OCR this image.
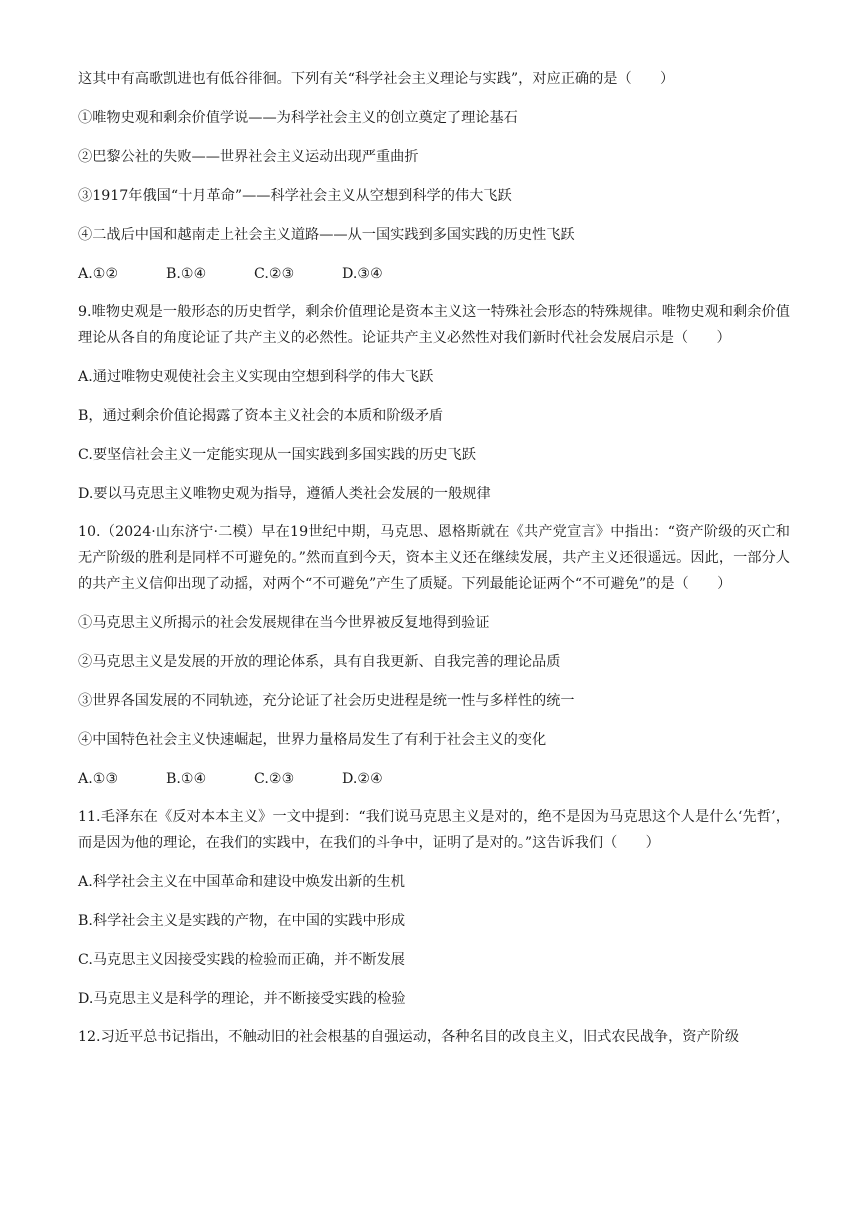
这其中有高歌凯进也有低谷徘徊。下列有关“科学社会主义理论与实践”，对应正确的是（　　）

①唯物史观和剩余价值学说——为科学社会主义的创立奠定了理论基石

②巴黎公社的失败——世界社会主义运动出现严重曲折

③1917年俄国“十月革命”——科学社会主义从空想到科学的伟大飞跃

④二战后中国和越南走上社会主义道路——从一国实践到多国实践的历史性飞跃

A.①②	B.①④	C.②③	D.③④

9.唯物史观是一般形态的历史哲学，剩余价值理论是资本主义这一特殊社会形态的特殊规律。唯物史观和剩余价值理论从各自的角度论证了共产主义的必然性。论证共产主义必然性对我们新时代社会发展启示是（　　）

A.通过唯物史观使社会主义实现由空想到科学的伟大飞跃

B，通过剩余价值论揭露了资本主义社会的本质和阶级矛盾

C.要坚信社会主义一定能实现从一国实践到多国实践的历史飞跃

D.要以马克思主义唯物史观为指导，遵循人类社会发展的一般规律

10.（2024·山东济宁·二模）早在19世纪中期，马克思、恩格斯就在《共产党宣言》中指出：“资产阶级的灭亡和无产阶级的胜利是同样不可避免的。”然而直到今天，资本主义还在继续发展，共产主义还很遥远。因此，一部分人的共产主义信仰出现了动摇，对两个“不可避免”产生了质疑。下列最能论证两个“不可避免”的是（　　）

①马克思主义所揭示的社会发展规律在当今世界被反复地得到验证

②马克思主义是发展的开放的理论体系，具有自我更新、自我完善的理论品质

③世界各国发展的不同轨迹，充分论证了社会历史进程是统一性与多样性的统一

④中国特色社会主义快速崛起，世界力量格局发生了有利于社会主义的变化

A.①③	B.①④	C.②③	D.②④

11.毛泽东在《反对本本主义》一文中提到：“我们说马克思主义是对的，绝不是因为马克思这个人是什么‘先哲’，而是因为他的理论，在我们的实践中，在我们的斗争中，证明了是对的。”这告诉我们（　　）

A.科学社会主义在中国革命和建设中焕发出新的生机

B.科学社会主义是实践的产物，在中国的实践中形成

C.马克思主义因接受实践的检验而正确，并不断发展

D.马克思主义是科学的理论，并不断接受实践的检验

12.习近平总书记指出，不触动旧的社会根基的自强运动，各种名目的改良主义，旧式农民战争，资产阶级
